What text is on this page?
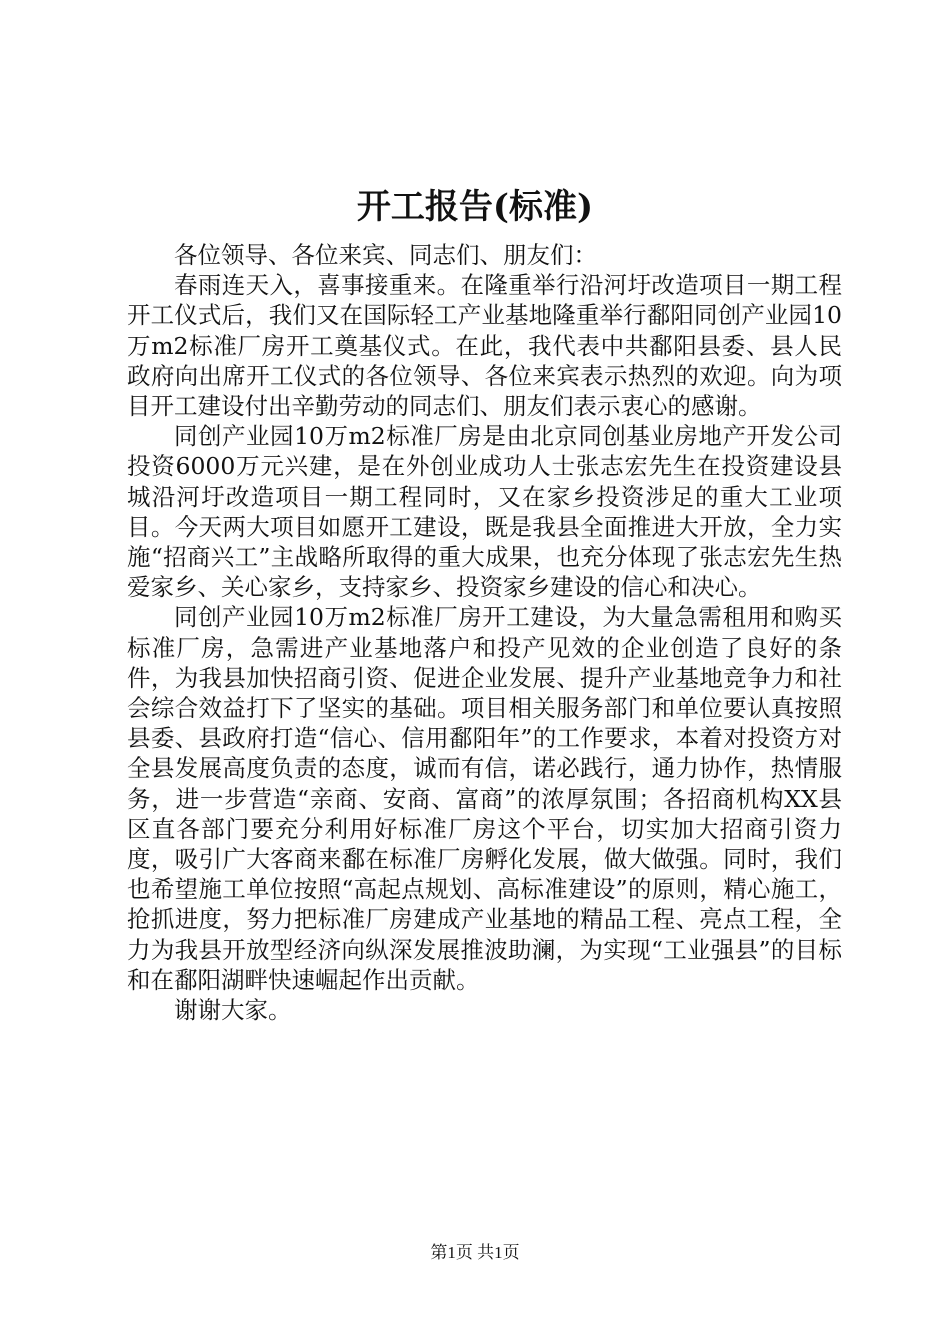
开工报告(标准)

各位领导、各位来宾、同志们、朋友们：

春雨连天入，喜事接重来。在隆重举行沿河圩改造项目一期工程开工仪式后，我们又在国际轻工产业基地隆重举行鄱阳同创产业园10万m2标准厂房开工奠基仪式。在此，我代表中共鄱阳县委、县人民政府向出席开工仪式的各位领导、各位来宾表示热烈的欢迎。向为项目开工建设付出辛勤劳动的同志们、朋友们表示衷心的感谢。

同创产业园10万m2标准厂房是由北京同创基业房地产开发公司投资6000万元兴建，是在外创业成功人士张志宏先生在投资建设县城沿河圩改造项目一期工程同时，又在家乡投资涉足的重大工业项目。今天两大项目如愿开工建设，既是我县全面推进大开放，全力实施“招商兴工”主战略所取得的重大成果，也充分体现了张志宏先生热爱家乡、关心家乡，支持家乡、投资家乡建设的信心和决心。

同创产业园10万m2标准厂房开工建设，为大量急需租用和购买标准厂房，急需进产业基地落户和投产见效的企业创造了良好的条件，为我县加快招商引资、促进企业发展、提升产业基地竞争力和社会综合效益打下了坚实的基础。项目相关服务部门和单位要认真按照县委、县政府打造“信心、信用鄱阳年”的工作要求，本着对投资方对全县发展高度负责的态度，诚而有信，诺必践行，通力协作，热情服务，进一步营造“亲商、安商、富商”的浓厚氛围；各招商机构XX县区直各部门要充分利用好标准厂房这个平台，切实加大招商引资力度，吸引广大客商来鄱在标准厂房孵化发展，做大做强。同时，我们也希望施工单位按照“高起点规划、高标准建设”的原则，精心施工，抢抓进度，努力把标准厂房建成产业基地的精品工程、亮点工程，全力为我县开放型经济向纵深发展推波助澜，为实现“工业强县”的目标和在鄱阳湖畔快速崛起作出贡献。

谢谢大家。

第1页 共1页
